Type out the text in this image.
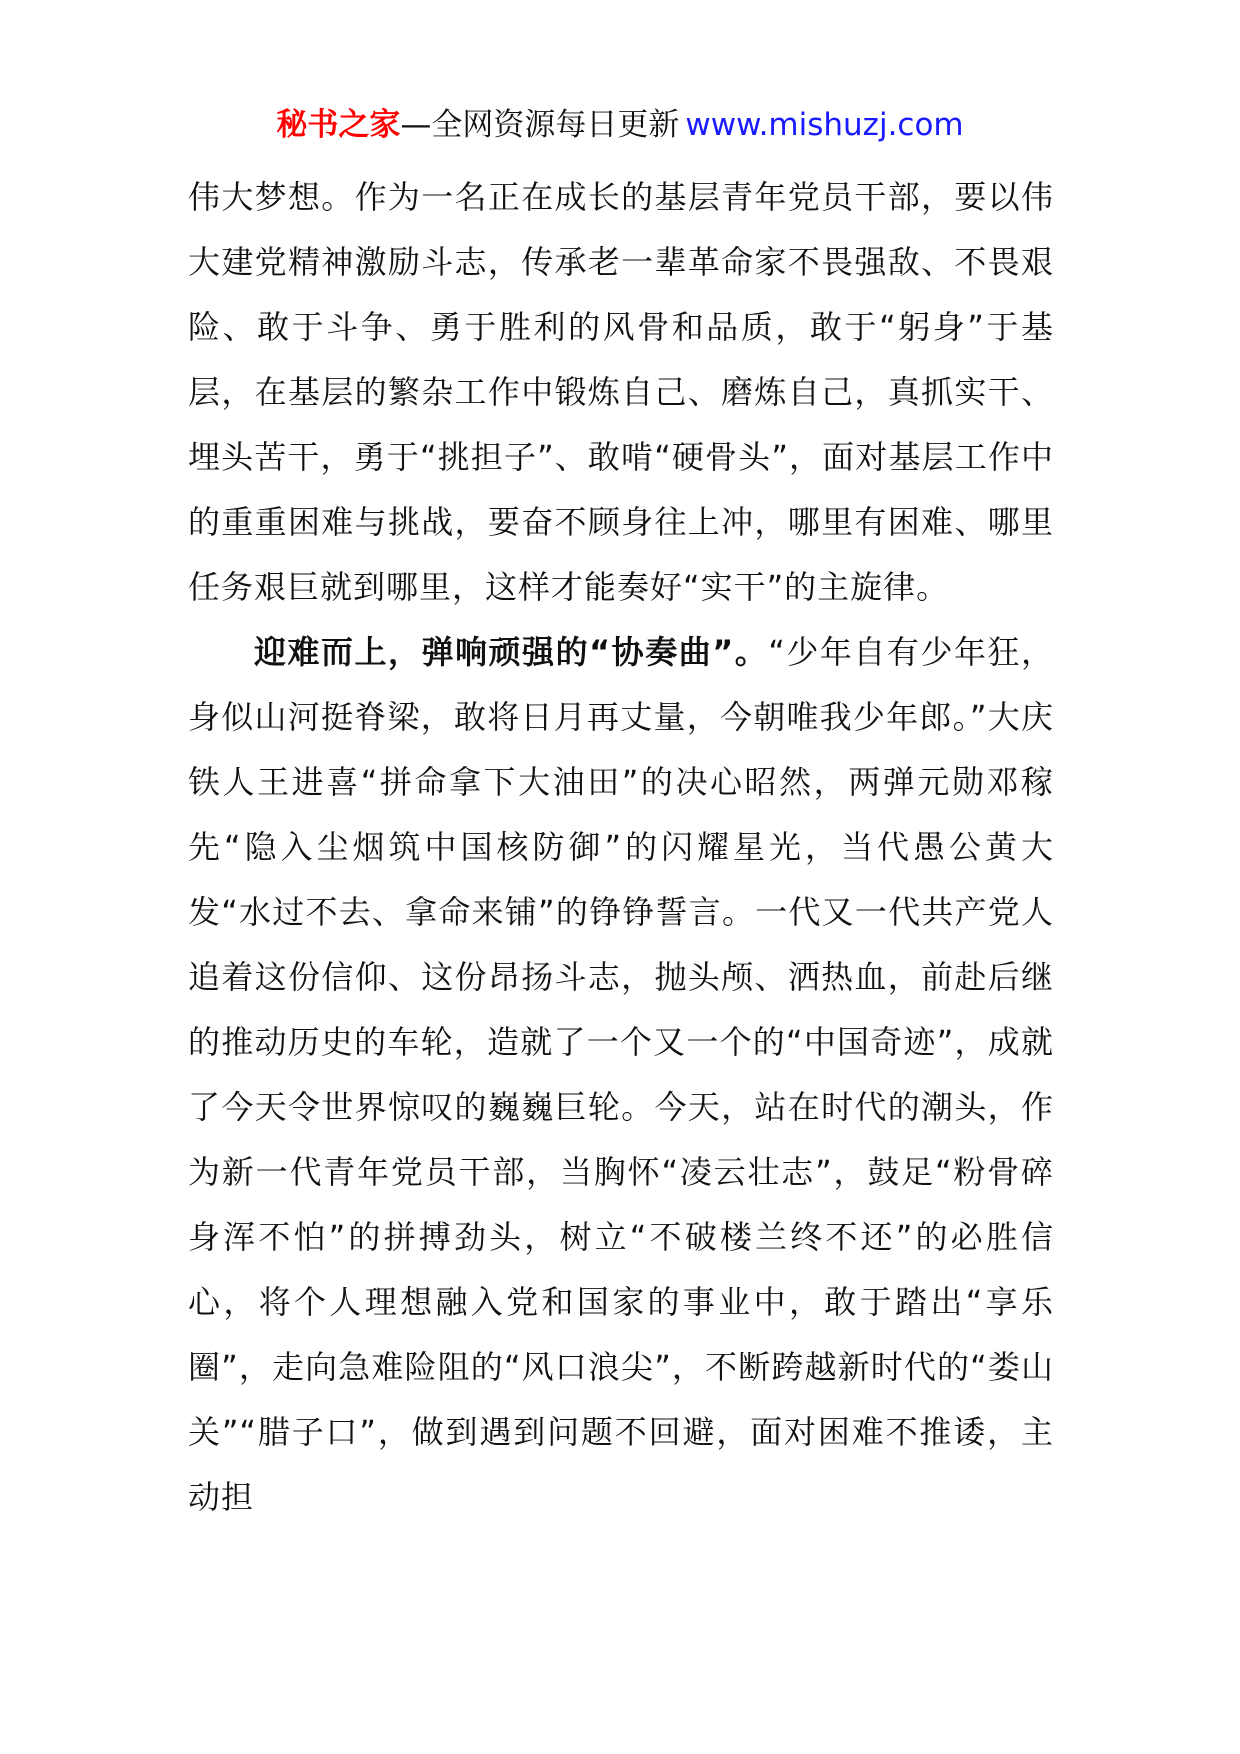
秘书之家—全网资源每日更新 www.mishuzj.com

伟大梦想。作为一名正在成长的基层青年党员干部，要以伟大建党精神激励斗志，传承老一辈革命家不畏强敌、不畏艰险、敢于斗争、勇于胜利的风骨和品质，敢于“躬身”于基层，在基层的繁杂工作中锻炼自己、磨炼自己，真抓实干、埋头苦干，勇于“挑担子”、敢啃“硬骨头”，面对基层工作中的重重困难与挑战，要奋不顾身往上冲，哪里有困难、哪里任务艰巨就到哪里，这样才能奏好“实干”的主旋律。

迎难而上，弹响顽强的“协奏曲”。“少年自有少年狂，身似山河挺脊梁，敢将日月再丈量，今朝唯我少年郎。”大庆铁人王进喜“拼命拿下大油田”的决心昭然，两弹元勋邓稼先“隐入尘烟筑中国核防御”的闪耀星光，当代愚公黄大发“水过不去、拿命来铺”的铮铮誓言。一代又一代共产党人追着这份信仰、这份昂扬斗志，抛头颅、洒热血，前赴后继的推动历史的车轮，造就了一个又一个的“中国奇迹”，成就了今天令世界惊叹的巍巍巨轮。今天，站在时代的潮头，作为新一代青年党员干部，当胸怀“凌云壮志”，鼓足“粉骨碎身浑不怕”的拼搏劲头，树立“不破楼兰终不还”的必胜信心，将个人理想融入党和国家的事业中，敢于踏出“享乐圈”，走向急难险阻的“风口浪尖”，不断跨越新时代的“娄山关”“腊子口”，做到遇到问题不回避，面对困难不推诿，主动担
